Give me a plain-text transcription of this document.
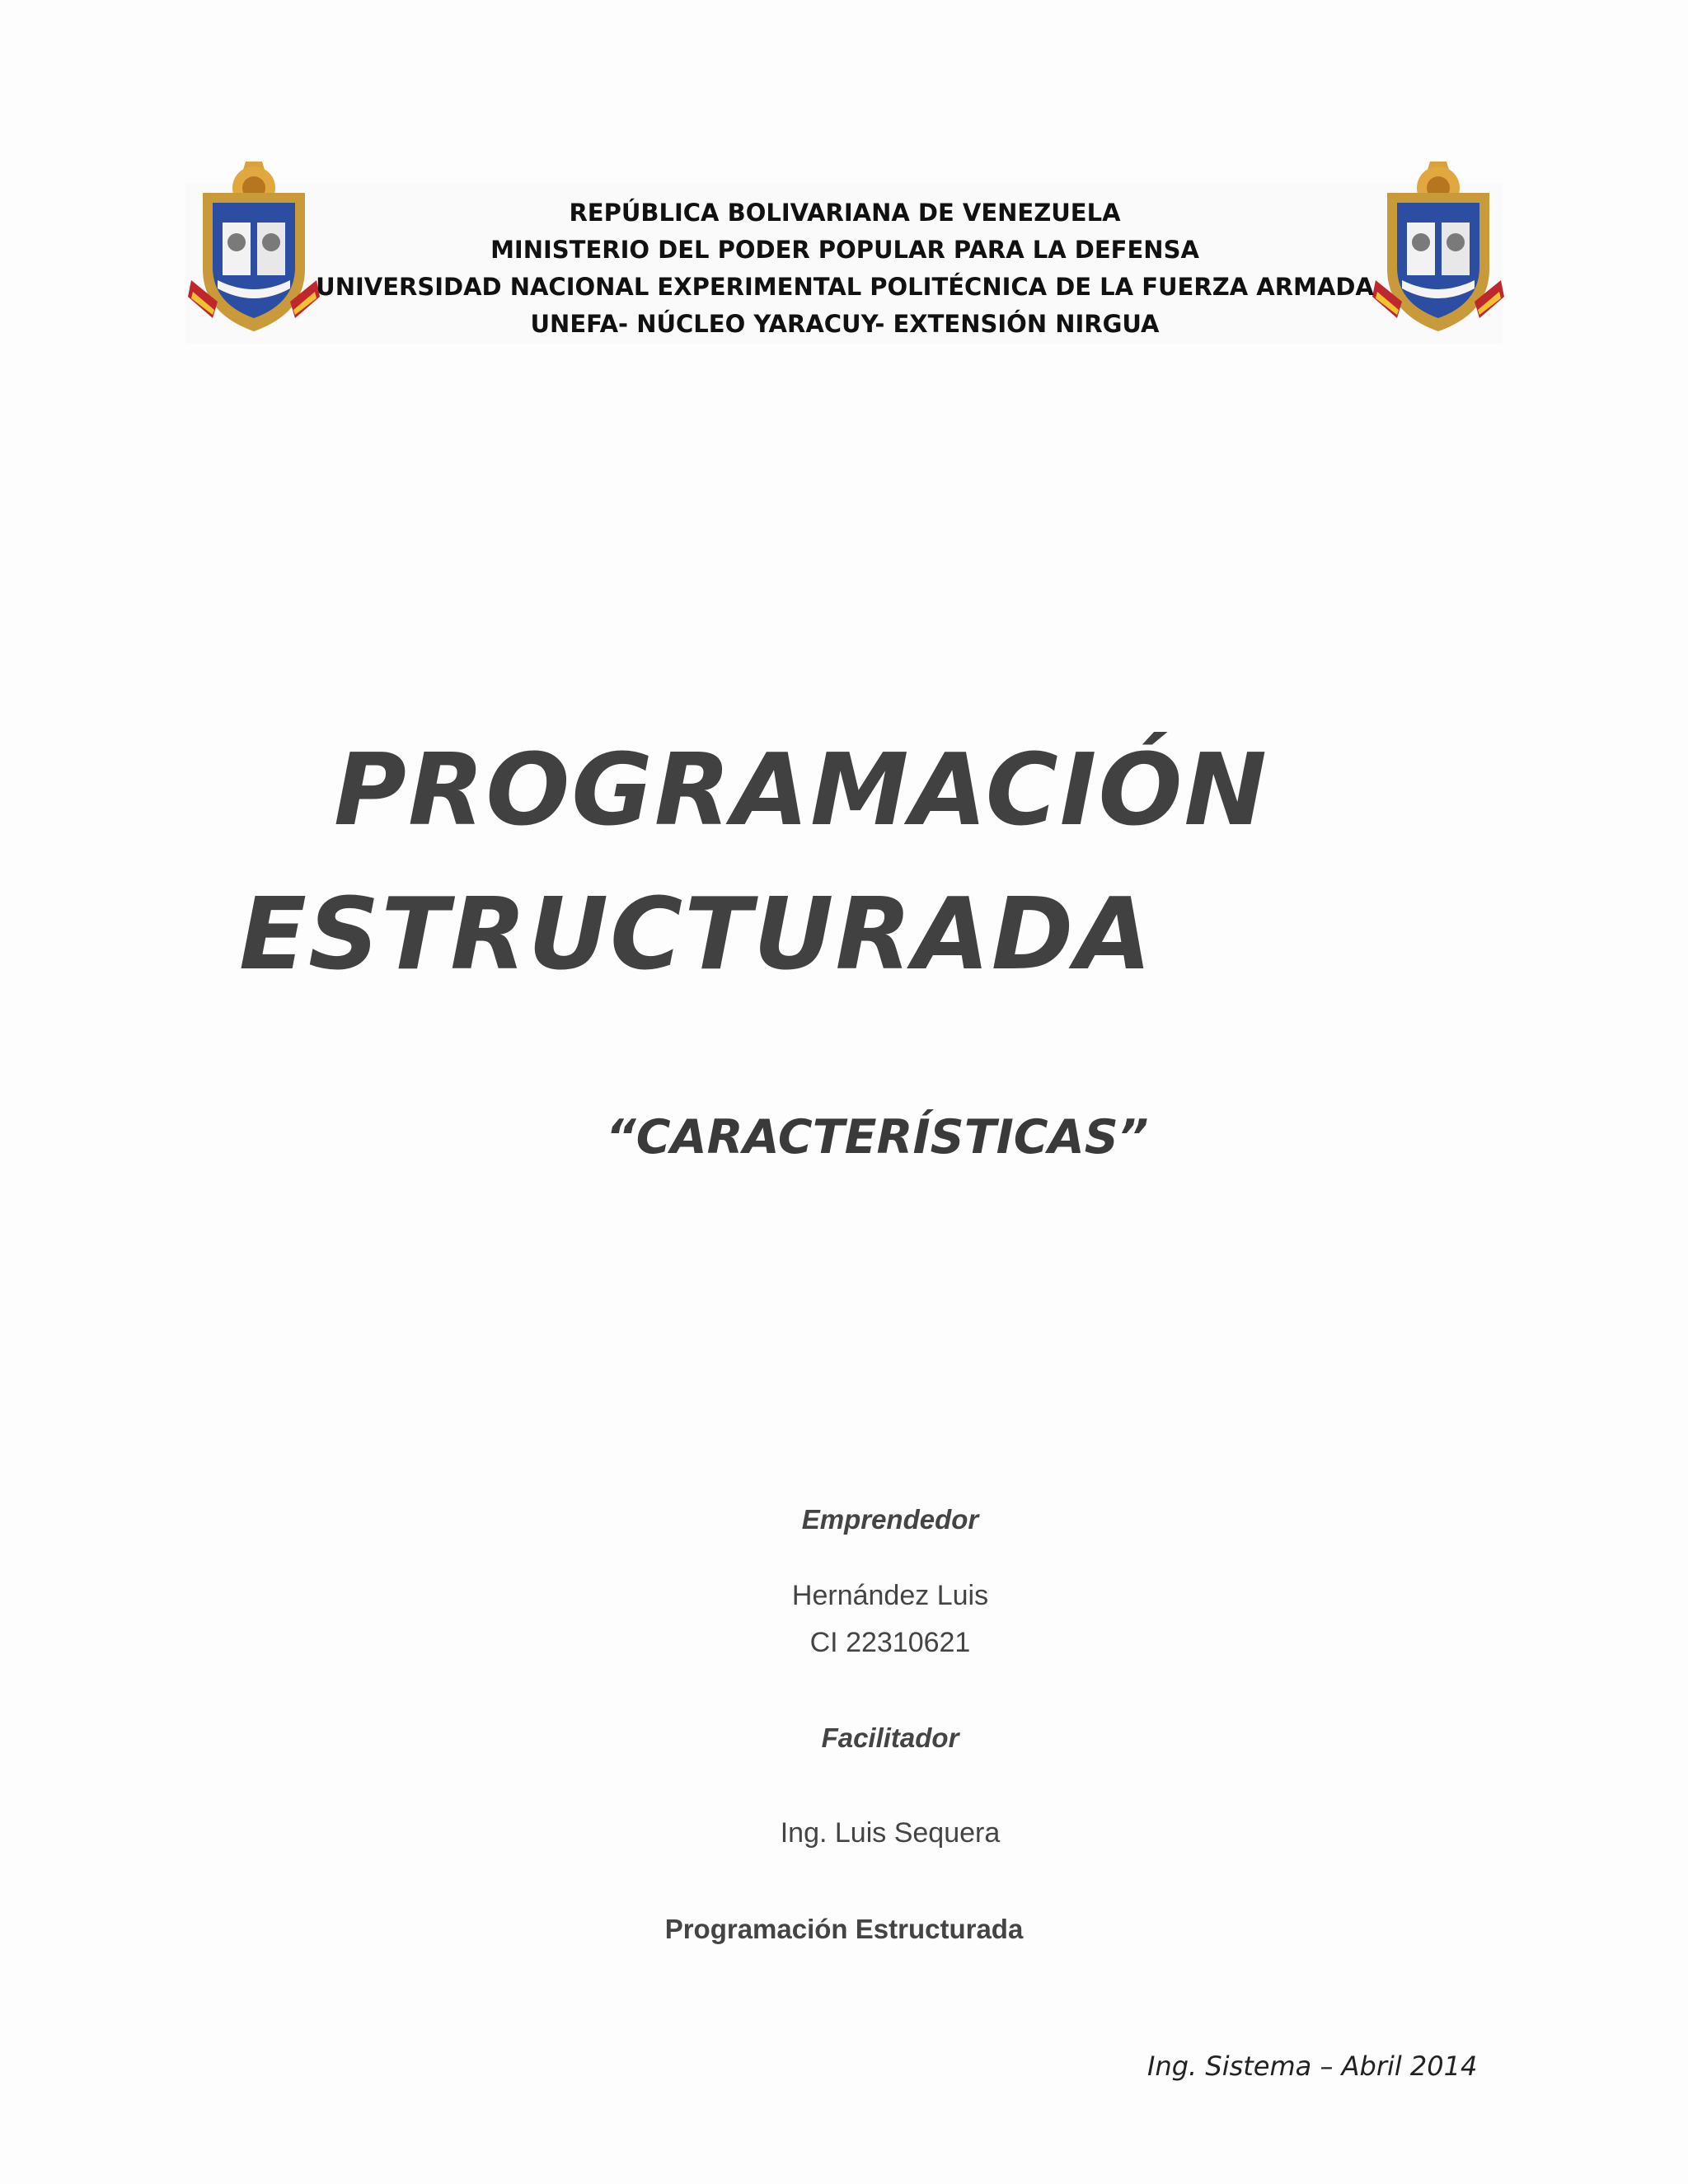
REPÚBLICA BOLIVARIANA DE VENEZUELA
MINISTERIO DEL PODER POPULAR PARA LA DEFENSA
UNIVERSIDAD NACIONAL EXPERIMENTAL POLITÉCNICA DE LA FUERZA ARMADA
UNEFA- NÚCLEO YARACUY- EXTENSIÓN NIRGUA
PROGRAMACIÓN
ESTRUCTURADA
“CARACTERÍSTICAS”
Emprendedor
Hernández Luis
CI 22310621
Facilitador
Ing. Luis Sequera
Programación Estructurada
Ing. Sistema – Abril 2014
